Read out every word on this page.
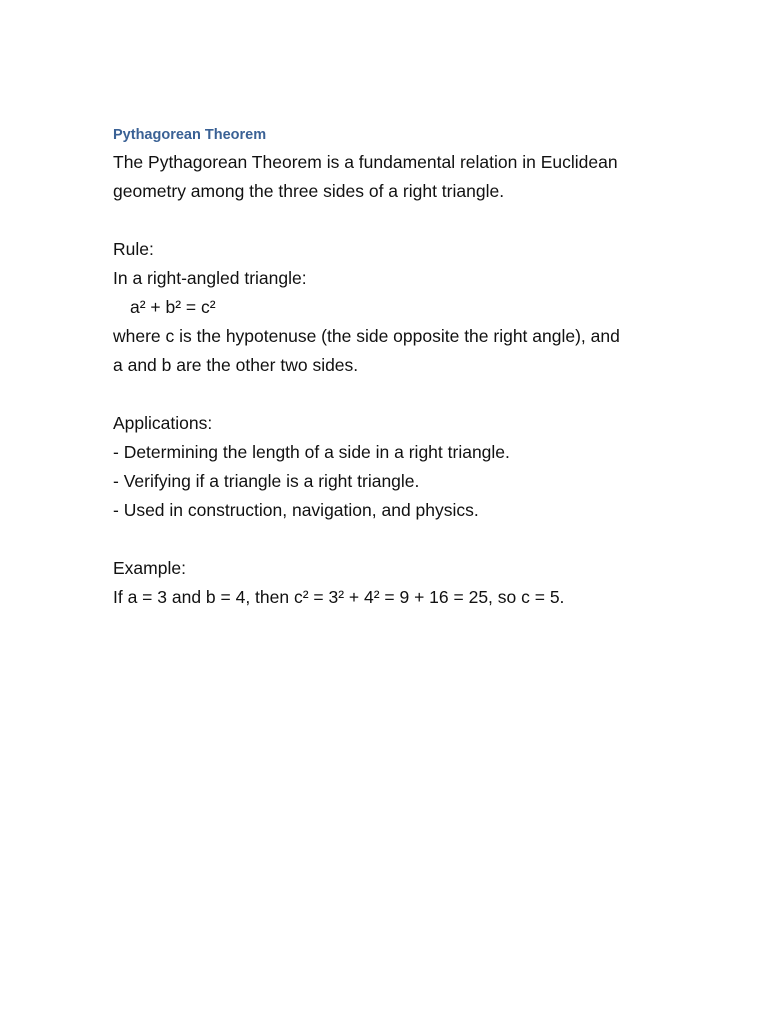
Pythagorean Theorem

The Pythagorean Theorem is a fundamental relation in Euclidean

geometry among the three sides of a right triangle.

Rule:

In a right-angled triangle:

a² + b² = c²

where c is the hypotenuse (the side opposite the right angle), and

a and b are the other two sides.

Applications:

- Determining the length of a side in a right triangle.

- Verifying if a triangle is a right triangle.

- Used in construction, navigation, and physics.

Example:

If a = 3 and b = 4, then c² = 3² + 4² = 9 + 16 = 25, so c = 5.
